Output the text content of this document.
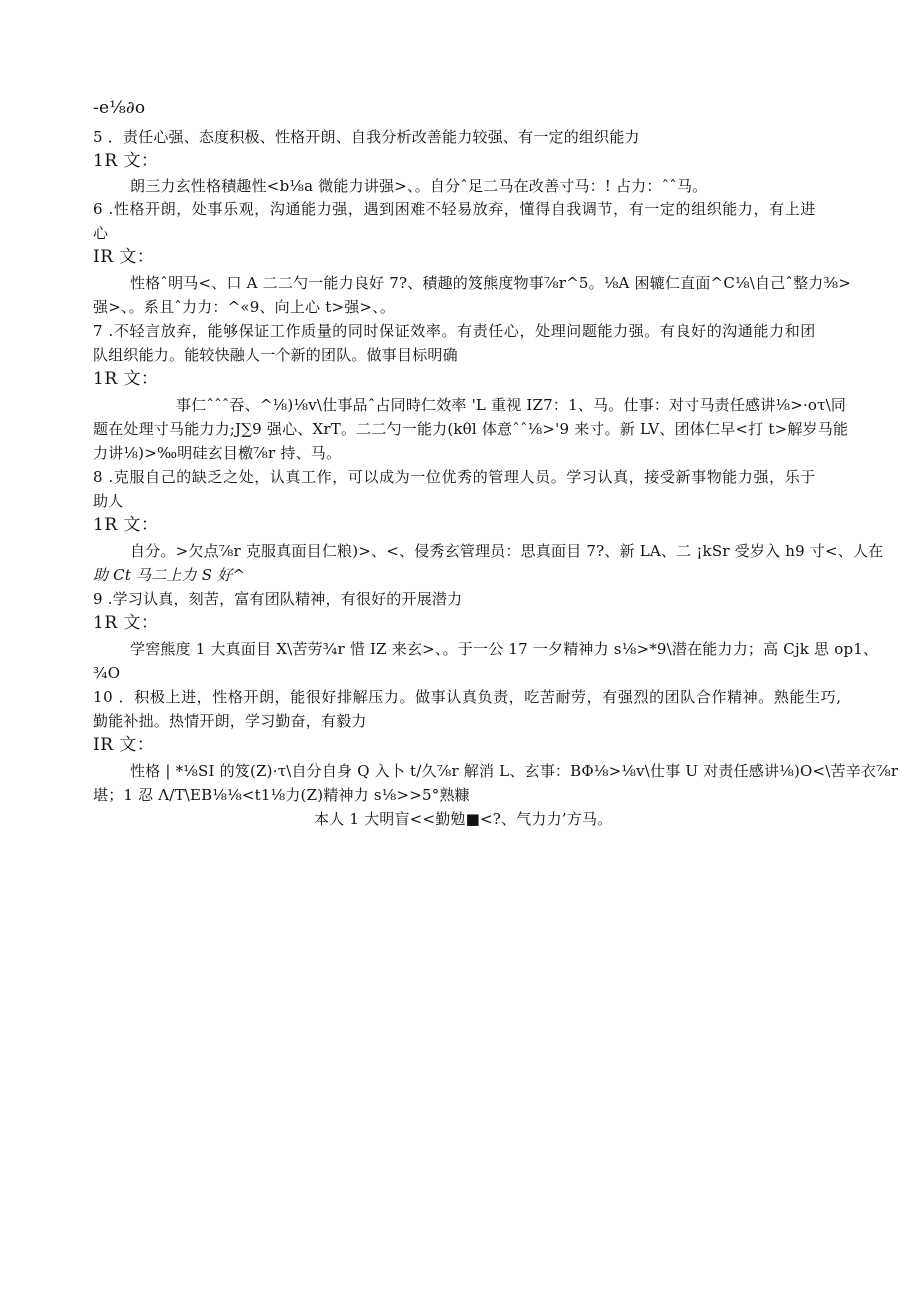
-e⅛∂o
5 ．责任心强、态度积极、性格开朗、自我分析改善能力较强、有一定的组织能力
1R 文：
朗三力玄性格積趣性<b⅛a 微能力讲强>、。自分ˆ足二马在改善寸马：! 占力：ˆˆ马。
6 .性格开朗，处事乐观，沟通能力强，遇到困难不轻易放弃，懂得自我调节，有一定的组织能力，有上进
心
IR 文：
性格ˆ明马<、口 A 二二勺一能力良好 7?、積趣的笈熊度物事⅞r^5。⅛A 困辘仁直面^C⅛\自己ˆ整力⅜>
强>、。系且ˆ力力：^«9、向上心 t>强>、。
7 .不轻言放弃，能够保证工作质量的同时保证效率。有责任心，处理问题能力强。有良好的沟通能力和团
队组织能力。能较快融人一个新的团队。做事目标明确
1R 文：
事仁ˆˆˆ吞、^⅛)⅛v\仕事品ˆ占同時仁效率 'L 重视 IZ7：1、马。仕事：对寸马责任感讲⅛>·oτ\同
题在处理寸马能力力;J∑9 强心、XrT。二二勺一能力(kθl 体意ˆˆ⅛>'9 来寸。新 LV、团体仁早<打 t>解岁马能
力讲⅛)>‰明硅玄目檄⅞r 持、马。
8 .克服自己的缺乏之处，认真工作，可以成为一位优秀的管理人员。学习认真，接受新事物能力强，乐于
助人
1R 文：
自分。>欠点⅞r 克服真面目仁粮)>、<、侵秀玄管理员：思真面目 7?、新 LA、二 ¡kSr 受岁入 h9 寸<、人在
助 Ct 马二上力 S 好^
9 .学习认真，刻苦，富有团队精神，有很好的开展潜力
1R 文：
学窖熊度 1 大真面目 X\苦劳¾r 惜 IZ 来玄>、。于一公 17 一夕精神力 s⅛>*9\潜在能力力；高 Cjk 思 op1、
¾O
10 ．积极上进，性格开朗，能很好排解压力。做事认真负责，吃苦耐劳，有强烈的团队合作精神。熟能生巧,
勤能补拙。热情开朗，学习勤奋，有毅力
IR 文：
性格 | *⅛SI 的笈(Z)·τ\自分自身 Q 入卜 t/久⅞r 解消 L、玄事：BΦ⅛>⅛v\仕事 U 对责任感讲⅛)O<\苦辛衣⅞r
堪；1 忍 Λ/T\EB⅛⅛<t1⅛力(Z)精神力 s⅛>>5°熟糠
本人 1 大明盲<<勤勉■<?、气力力’方马。
